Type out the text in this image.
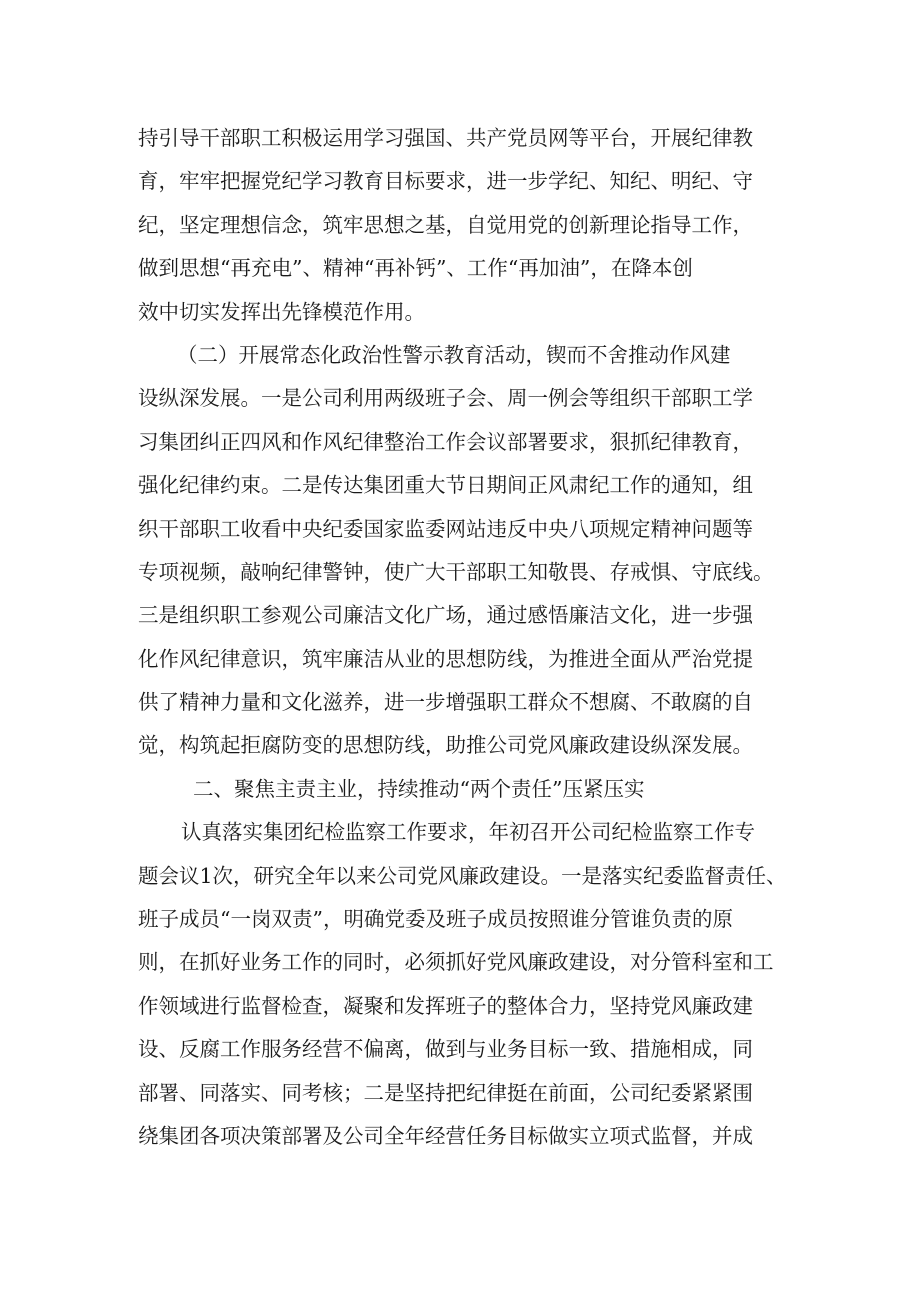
持引导干部职工积极运用学习强国、共产党员网等平台，开展纪律教
育，牢牢把握党纪学习教育目标要求，进一步学纪、知纪、明纪、守
纪，坚定理想信念，筑牢思想之基，自觉用党的创新理论指导工作，
做到思想“再充电”、精神“再补钙”、工作“再加油”，在降本创
效中切实发挥出先锋模范作用。
（二）开展常态化政治性警示教育活动，锲而不舍推动作风建
设纵深发展。一是公司利用两级班子会、周一例会等组织干部职工学
习集团纠正四风和作风纪律整治工作会议部署要求，狠抓纪律教育，
强化纪律约束。二是传达集团重大节日期间正风肃纪工作的通知，组
织干部职工收看中央纪委国家监委网站违反中央八项规定精神问题等
专项视频，敲响纪律警钟，使广大干部职工知敬畏、存戒惧、守底线。
三是组织职工参观公司廉洁文化广场，通过感悟廉洁文化，进一步强
化作风纪律意识，筑牢廉洁从业的思想防线，为推进全面从严治党提
供了精神力量和文化滋养，进一步增强职工群众不想腐、不敢腐的自
觉，构筑起拒腐防变的思想防线，助推公司党风廉政建设纵深发展。
二、聚焦主责主业，持续推动“两个责任”压紧压实
认真落实集团纪检监察工作要求，年初召开公司纪检监察工作专
题会议1次，研究全年以来公司党风廉政建设。一是落实纪委监督责任、
班子成员“一岗双责”，明确党委及班子成员按照谁分管谁负责的原
则，在抓好业务工作的同时，必须抓好党风廉政建设，对分管科室和工
作领域进行监督检查，凝聚和发挥班子的整体合力，坚持党风廉政建
设、反腐工作服务经营不偏离，做到与业务目标一致、措施相成，同
部署、同落实、同考核；二是坚持把纪律挺在前面，公司纪委紧紧围
绕集团各项决策部署及公司全年经营任务目标做实立项式监督，并成
